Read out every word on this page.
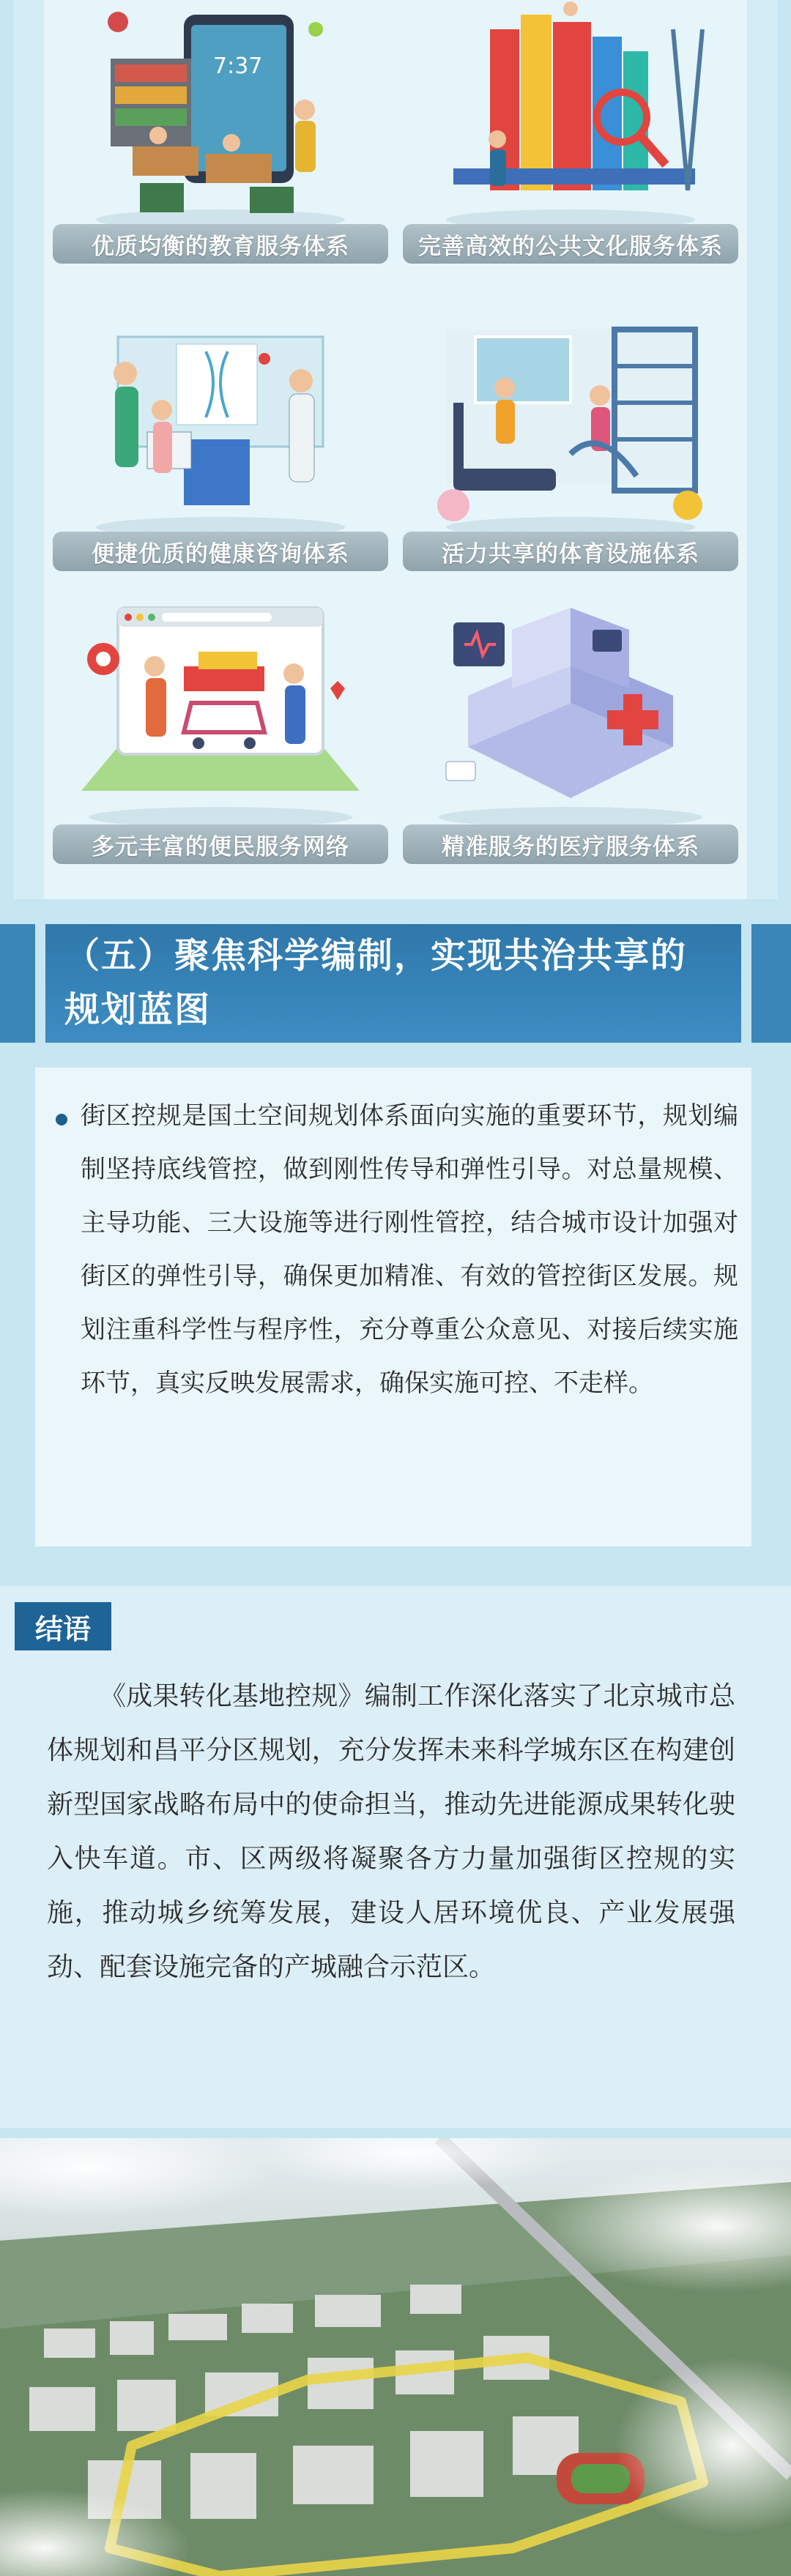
7:37
优质均衡的教育服务体系	完善高效的公共文化服务体系
便捷优质的健康咨询体系	活力共享的体育设施体系
多元丰富的便民服务网络	精准服务的医疗服务体系
（五）聚焦科学编制，实现共治共享的规划蓝图

街区控规是国土空间规划体系面向实施的重要环节，规划编制坚持底线管控，做到刚性传导和弹性引导。对总量规模、主导功能、三大设施等进行刚性管控，结合城市设计加强对街区的弹性引导，确保更加精准、有效的管控街区发展。规划注重科学性与程序性，充分尊重公众意见、对接后续实施环节，真实反映发展需求，确保实施可控、不走样。

结语

《成果转化基地控规》编制工作深化落实了北京城市总体规划和昌平分区规划，充分发挥未来科学城东区在构建创新型国家战略布局中的使命担当，推动先进能源成果转化驶入快车道。市、区两级将凝聚各方力量加强街区控规的实施，推动城乡统筹发展，建设人居环境优良、产业发展强劲、配套设施完备的产城融合示范区。
